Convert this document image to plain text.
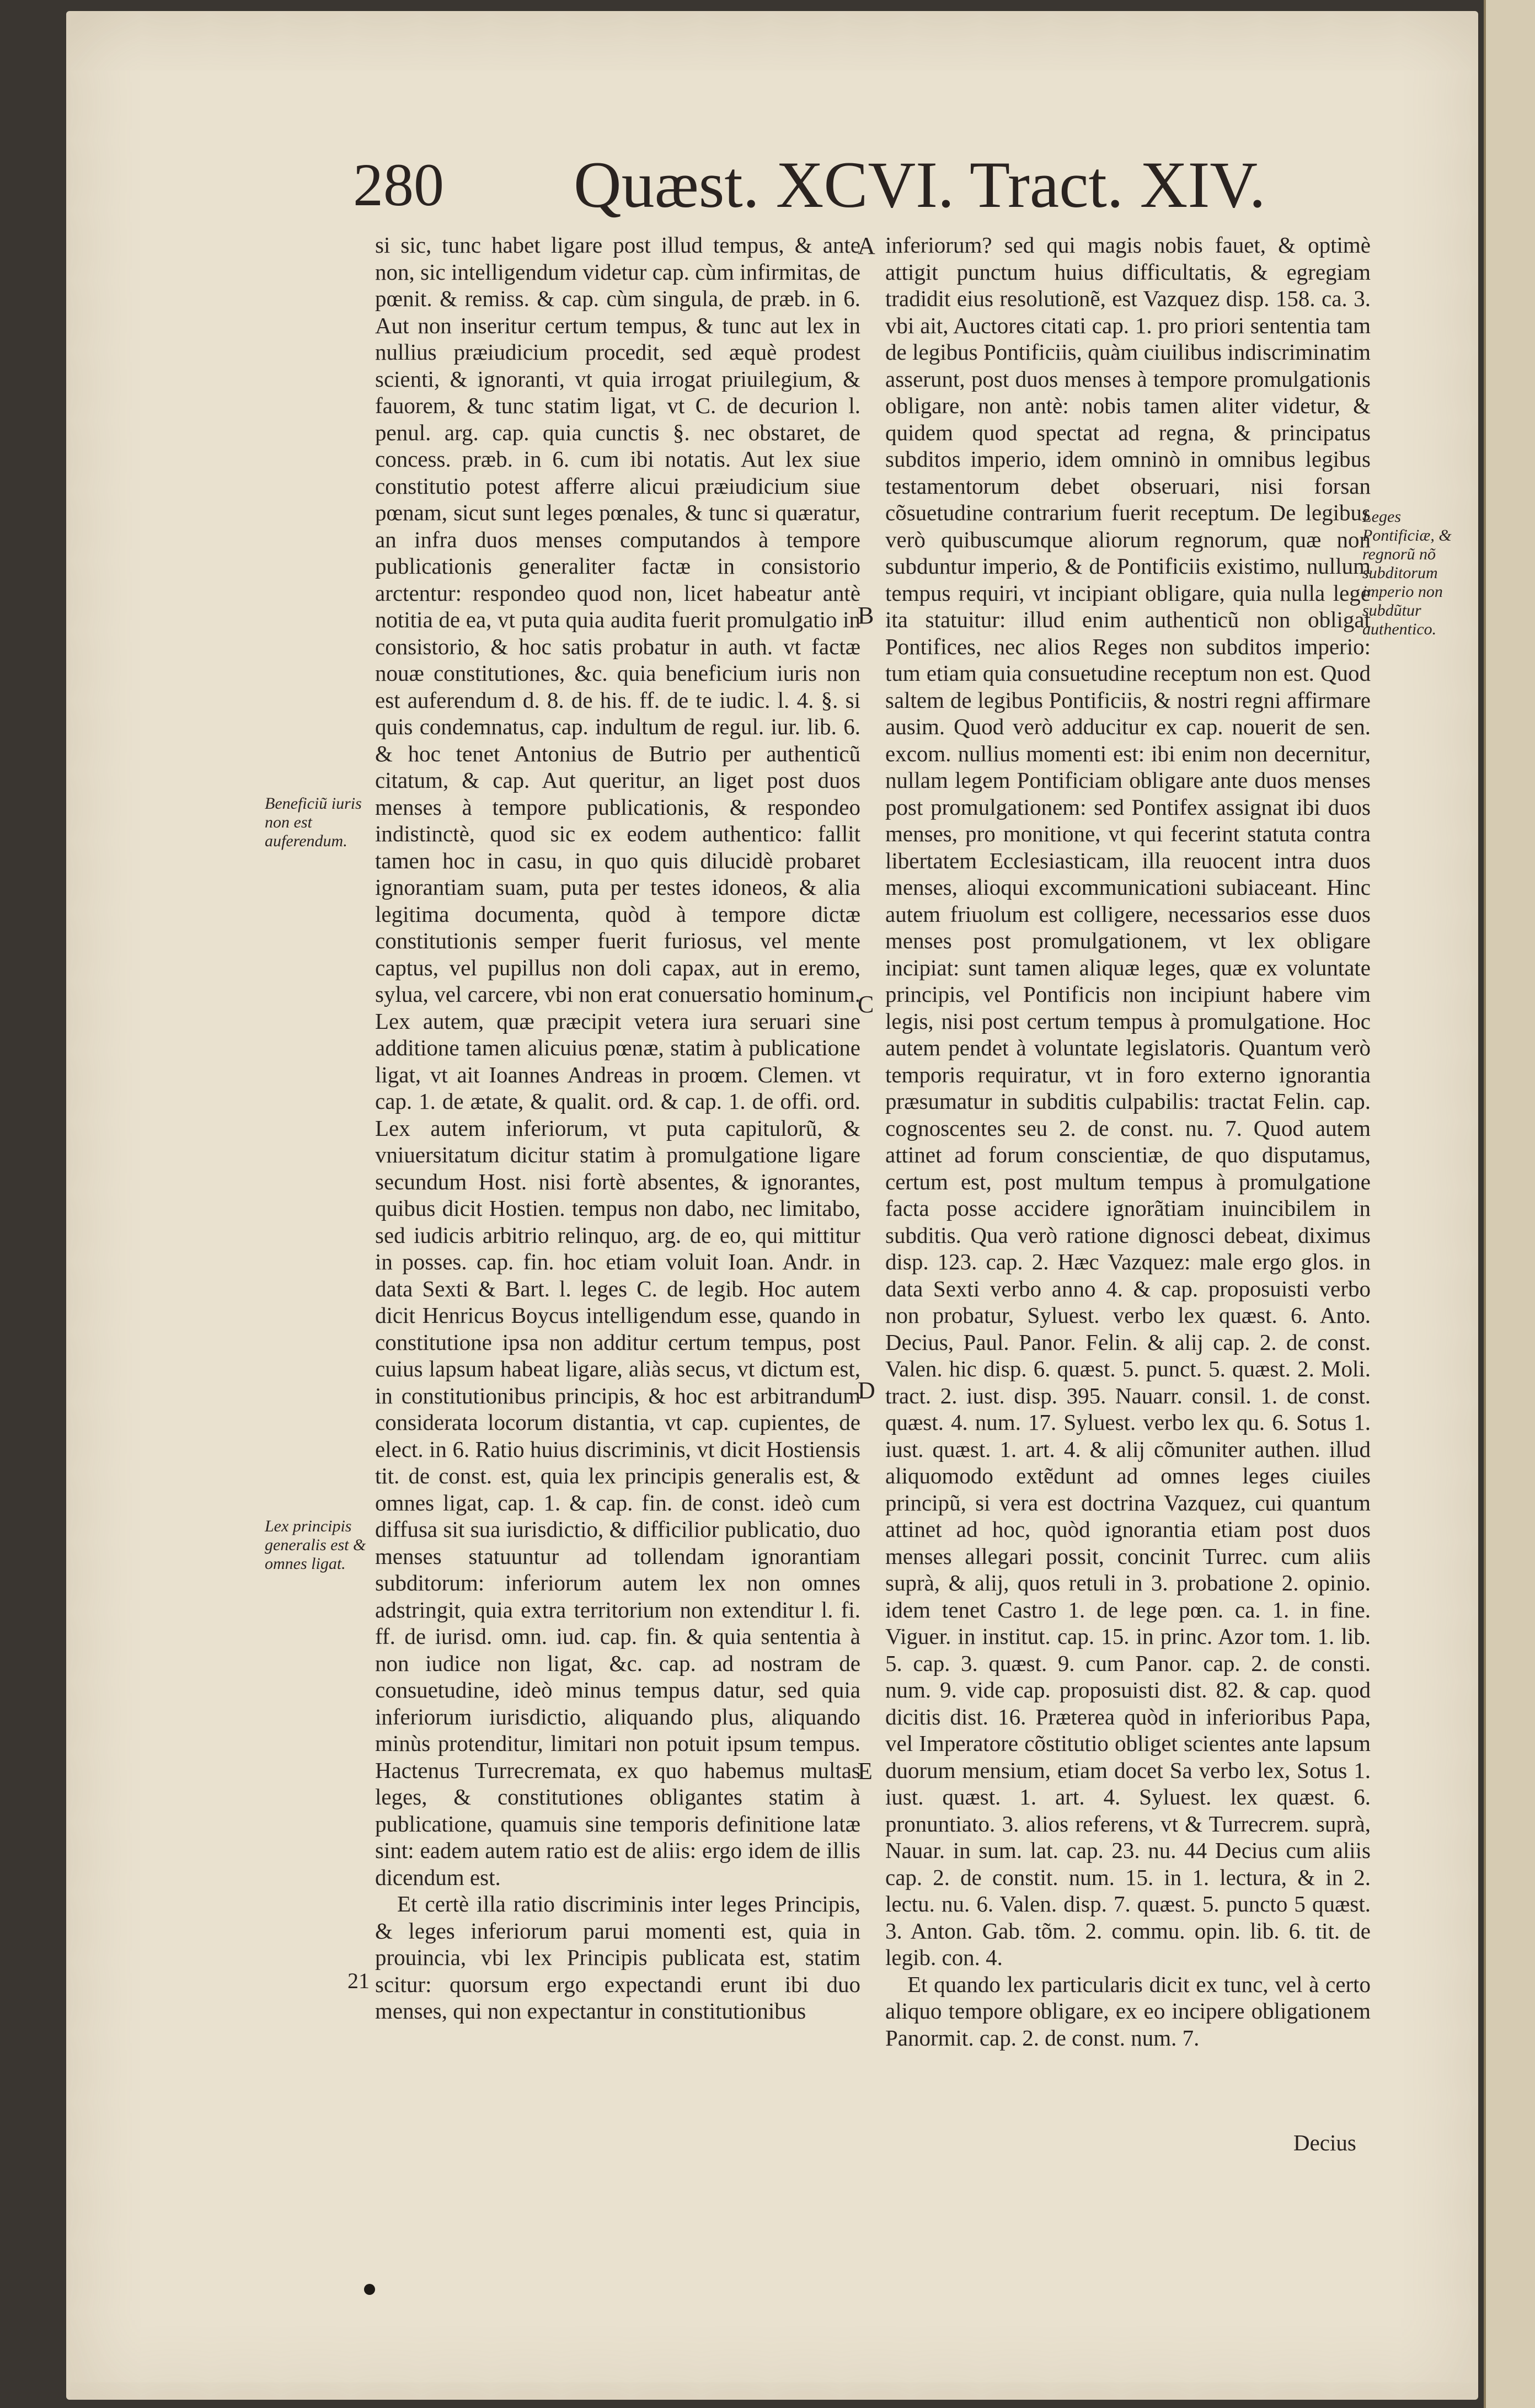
280 Quæst. XCVI. Tract. XIV.

si sic, tunc habet ligare post illud tempus, & ante non, sic intelligendum videtur cap. cùm infirmitas, de pœnit. & remiss. & cap. cùm singula, de præb. in 6. Aut non inseritur certum tempus, & tunc aut lex in nullius præiudicium procedit, sed æquè prodest scienti, & ignoranti, vt quia irrogat priuilegium, & fauorem, & tunc statim ligat, vt C. de decurion l. penul. arg. cap. quia cunctis §. nec obstaret, de concess. præb. in 6. cum ibi notatis. Aut lex siue constitutio potest afferre alicui præiudicium siue pœnam, sicut sunt leges pœnales, & tunc si quæratur, an infra duos menses computandos à tempore publicationis generaliter factæ in consistorio arctentur: respondeo quod non, licet habeatur antè notitia de ea, vt puta quia audita fuerit promulgatio in consistorio, & hoc satis probatur in auth. vt factæ nouæ constitutiones, &c. quia beneficium iuris non est auferendum d. 8. de his. ff. de te iudic. l. 4. §. si quis condemnatus, cap. indultum de regul. iur. lib. 6. & hoc tenet Antonius de Butrio per authenticũ citatum, & cap. Aut queritur, an liget post duos menses à tempore publicationis, & respondeo indistinctè, quod sic ex eodem authentico: fallit tamen hoc in casu, in quo quis dilucidè probaret ignorantiam suam, puta per testes idoneos, & alia legitima documenta, quòd à tempore dictæ constitutionis semper fuerit furiosus, vel mente captus, vel pupillus non doli capax, aut in eremo, sylua, vel carcere, vbi non erat conuersatio hominum. Lex autem, quæ præcipit vetera iura seruari sine additione tamen alicuius pœnæ, statim à publicatione ligat, vt ait Ioannes Andreas in proœm. Clemen. vt cap. 1. de ætate, & qualit. ord. & cap. 1. de offi. ord. Lex autem inferiorum, vt puta capitulorũ, & vniuersitatum dicitur statim à promulgatione ligare secundum Host. nisi fortè absentes, & ignorantes, quibus dicit Hostien. tempus non dabo, nec limitabo, sed iudicis arbitrio relinquo, arg. de eo, qui mittitur in posses. cap. fin. hoc etiam voluit Ioan. Andr. in data Sexti & Bart. l. leges C. de legib. Hoc autem dicit Henricus Boycus intelligendum esse, quando in constitutione ipsa non additur certum tempus, post cuius lapsum habeat ligare, aliàs secus, vt dictum est, in constitutionibus principis, & hoc est arbitrandum considerata locorum distantia, vt cap. cupientes, de elect. in 6. Ratio huius discriminis, vt dicit Hostiensis tit. de const. est, quia lex principis generalis est, & omnes ligat, cap. 1. & cap. fin. de const. ideò cum diffusa sit sua iurisdictio, & difficilior publicatio, duo menses statuuntur ad tollendam ignorantiam subditorum: inferiorum autem lex non omnes adstringit, quia extra territorium non extenditur l. fi. ff. de iurisd. omn. iud. cap. fin. & quia sententia à non iudice non ligat, &c. cap. ad nostram de consuetudine, ideò minus tempus datur, sed quia inferiorum iurisdictio, aliquando plus, aliquando minùs protenditur, limitari non potuit ipsum tempus. Hactenus Turrecremata, ex quo habemus multas leges, & constitutiones obligantes statim à publicatione, quamuis sine temporis definitione latæ sint: eadem autem ratio est de aliis: ergo idem de illis dicendum est.

Et certè illa ratio discriminis inter leges Principis, & leges inferiorum parui momenti est, quia in prouincia, vbi lex Principis publicata est, statim scitur: quorsum ergo expectandi erunt ibi duo menses, qui non expectantur in constitutionibus

inferiorum? sed qui magis nobis fauet, & optimè attigit punctum huius difficultatis, & egregiam tradidit eius resolutionẽ, est Vazquez disp. 158. ca. 3. vbi ait, Auctores citati cap. 1. pro priori sententia tam de legibus Pontificiis, quàm ciuilibus indiscriminatim asserunt, post duos menses à tempore promulgationis obligare, non antè: nobis tamen aliter videtur, & quidem quod spectat ad regna, & principatus subditos imperio, idem omninò in omnibus legibus testamentorum debet obseruari, nisi forsan cõsuetudine contrarium fuerit receptum. De legibus verò quibuscumque aliorum regnorum, quæ non subduntur imperio, & de Pontificiis existimo, nullum tempus requiri, vt incipiant obligare, quia nulla lege ita statuitur: illud enim authenticũ non obligat Pontifices, nec alios Reges non subditos imperio: tum etiam quia consuetudine receptum non est. Quod saltem de legibus Pontificiis, & nostri regni affirmare ausim. Quod verò adducitur ex cap. nouerit de sen. excom. nullius momenti est: ibi enim non decernitur, nullam legem Pontificiam obligare ante duos menses post promulgationem: sed Pontifex assignat ibi duos menses, pro monitione, vt qui fecerint statuta contra libertatem Ecclesiasticam, illa reuocent intra duos menses, alioqui excommunicationi subiaceant. Hinc autem friuolum est colligere, necessarios esse duos menses post promulgationem, vt lex obligare incipiat: sunt tamen aliquæ leges, quæ ex voluntate principis, vel Pontificis non incipiunt habere vim legis, nisi post certum tempus à promulgatione. Hoc autem pendet à voluntate legislatoris. Quantum verò temporis requiratur, vt in foro externo ignorantia præsumatur in subditis culpabilis: tractat Felin. cap. cognoscentes seu 2. de const. nu. 7. Quod autem attinet ad forum conscientiæ, de quo disputamus, certum est, post multum tempus à promulgatione facta posse accidere ignorãtiam inuincibilem in subditis. Qua verò ratione dignosci debeat, diximus disp. 123. cap. 2. Hæc Vazquez: male ergo glos. in data Sexti verbo anno 4. & cap. proposuisti verbo non probatur, Syluest. verbo lex quæst. 6. Anto. Decius, Paul. Panor. Felin. & alij cap. 2. de const. Valen. hic disp. 6. quæst. 5. punct. 5. quæst. 2. Moli. tract. 2. iust. disp. 395. Nauarr. consil. 1. de const. quæst. 4. num. 17. Syluest. verbo lex qu. 6. Sotus 1. iust. quæst. 1. art. 4. & alij cõmuniter authen. illud aliquomodo extẽdunt ad omnes leges ciuiles principũ, si vera est doctrina Vazquez, cui quantum attinet ad hoc, quòd ignorantia etiam post duos menses allegari possit, concinit Turrec. cum aliis suprà, & alij, quos retuli in 3. probatione 2. opinio. idem tenet Castro 1. de lege pœn. ca. 1. in fine. Viguer. in institut. cap. 15. in princ. Azor tom. 1. lib. 5. cap. 3. quæst. 9. cum Panor. cap. 2. de consti. num. 9. vide cap. proposuisti dist. 82. & cap. quod dicitis dist. 16. Præterea quòd in inferioribus Papa, vel Imperatore cõstitutio obliget scientes ante lapsum duorum mensium, etiam docet Sa verbo lex, Sotus 1. iust. quæst. 1. art. 4. Syluest. lex quæst. 6. pronuntiato. 3. alios referens, vt & Turrecrem. suprà, Nauar. in sum. lat. cap. 23. nu. 44 Decius cum aliis cap. 2. de constit. num. 15. in 1. lectura, & in 2. lectu. nu. 6. Valen. disp. 7. quæst. 5. puncto 5 quæst. 3. Anton. Gab. tõm. 2. commu. opin. lib. 6. tit. de legib. con. 4.

Et quando lex particularis dicit ex tunc, vel à certo aliquo tempore obligare, ex eo incipere obligationem Panormit. cap. 2. de const. num. 7.

21
A
B
C
D
E
Beneficiũ iuris non est auferendum.
Lex principis generalis est & omnes ligat.
Leges Pontificiæ, & regnorũ nõ subditorum imperio non subdũtur authentico.
Decius
